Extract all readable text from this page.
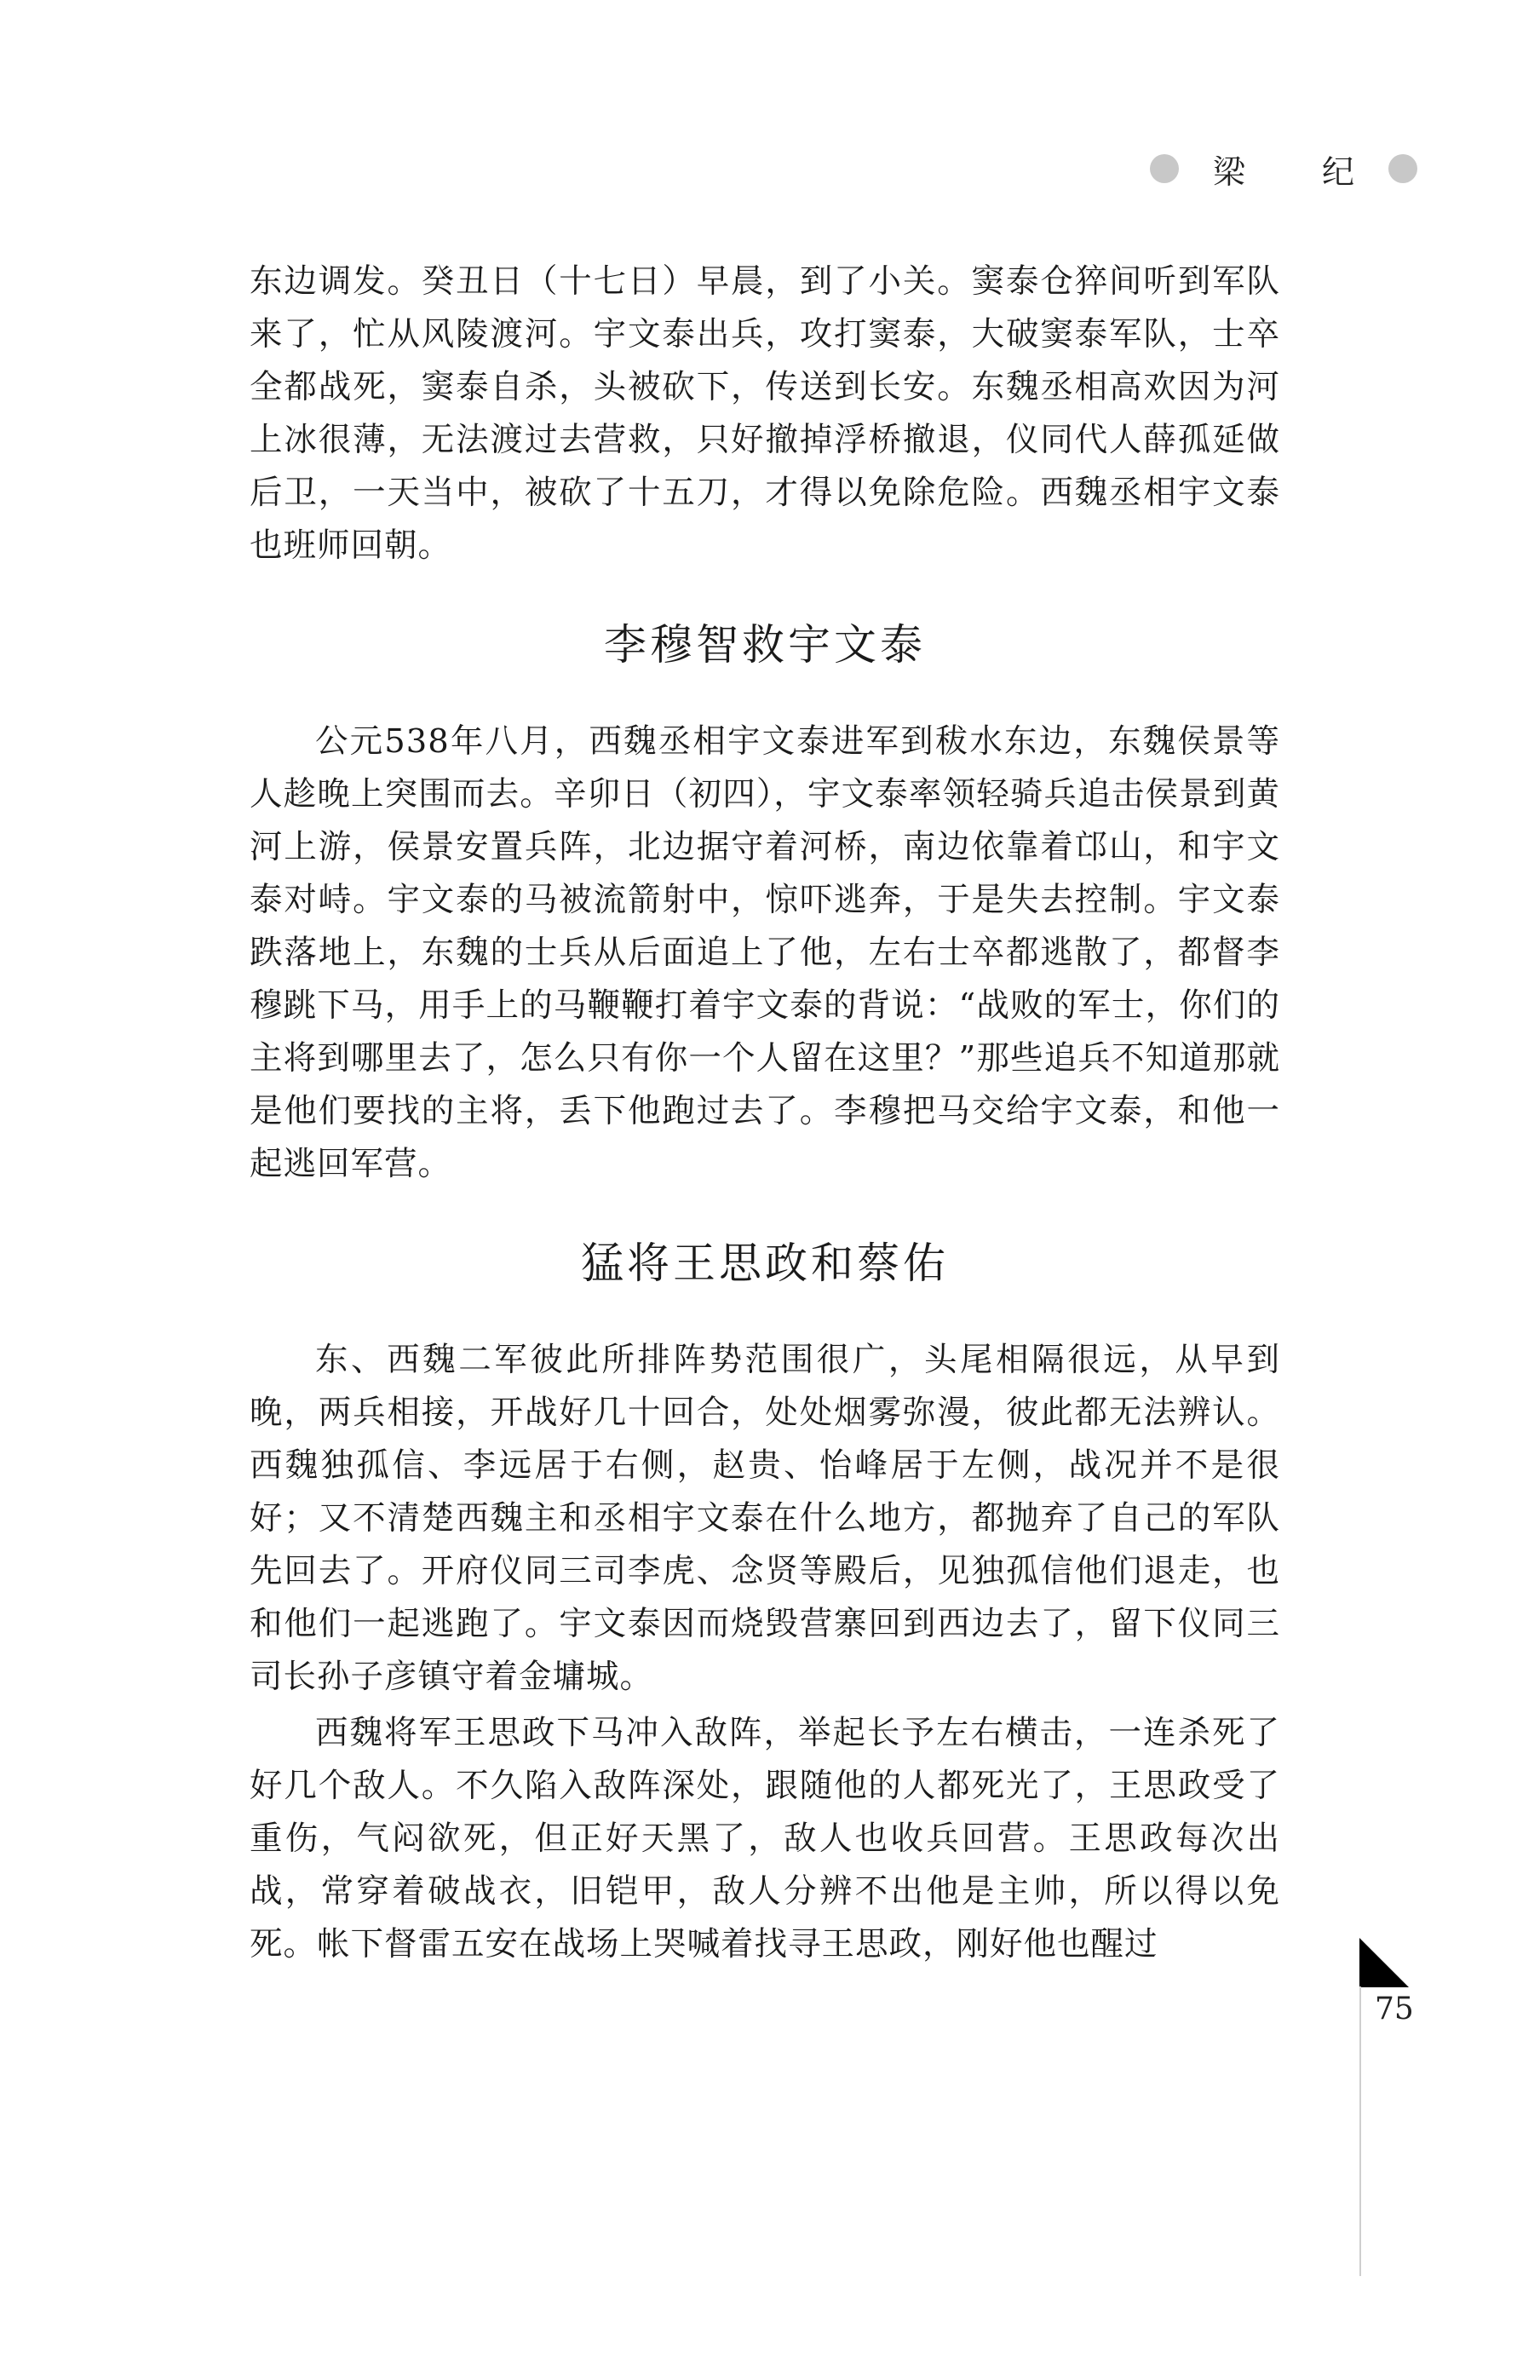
梁 纪

东边调发。癸丑日（十七日）早晨，到了小关。窦泰仓猝间听到军队来了，忙从风陵渡河。宇文泰出兵，攻打窦泰，大破窦泰军队，士卒全都战死，窦泰自杀，头被砍下，传送到长安。东魏丞相高欢因为河上冰很薄，无法渡过去营救，只好撤掉浮桥撤退，仪同代人薛孤延做后卫，一天当中，被砍了十五刀，才得以免除危险。西魏丞相宇文泰也班师回朝。

李穆智救宇文泰

公元538年八月，西魏丞相宇文泰进军到秡水东边，东魏侯景等人趁晚上突围而去。辛卯日（初四），宇文泰率领轻骑兵追击侯景到黄河上游，侯景安置兵阵，北边据守着河桥，南边依靠着邙山，和宇文泰对峙。宇文泰的马被流箭射中，惊吓逃奔，于是失去控制。宇文泰跌落地上，东魏的士兵从后面追上了他，左右士卒都逃散了，都督李穆跳下马，用手上的马鞭鞭打着宇文泰的背说：“战败的军士，你们的主将到哪里去了，怎么只有你一个人留在这里？”那些追兵不知道那就是他们要找的主将，丢下他跑过去了。李穆把马交给宇文泰，和他一起逃回军营。

猛将王思政和蔡佑

东、西魏二军彼此所排阵势范围很广，头尾相隔很远，从早到晚，两兵相接，开战好几十回合，处处烟雾弥漫，彼此都无法辨认。西魏独孤信、李远居于右侧，赵贵、怡峰居于左侧，战况并不是很好；又不清楚西魏主和丞相宇文泰在什么地方，都抛弃了自己的军队先回去了。开府仪同三司李虎、念贤等殿后，见独孤信他们退走，也和他们一起逃跑了。宇文泰因而烧毁营寨回到西边去了，留下仪同三司长孙子彦镇守着金墉城。

西魏将军王思政下马冲入敌阵，举起长予左右横击，一连杀死了好几个敌人。不久陷入敌阵深处，跟随他的人都死光了，王思政受了重伤，气闷欲死，但正好天黑了，敌人也收兵回营。王思政每次出战，常穿着破战衣，旧铠甲，敌人分辨不出他是主帅，所以得以免死。帐下督雷五安在战场上哭喊着找寻王思政，刚好他也醒过

75
